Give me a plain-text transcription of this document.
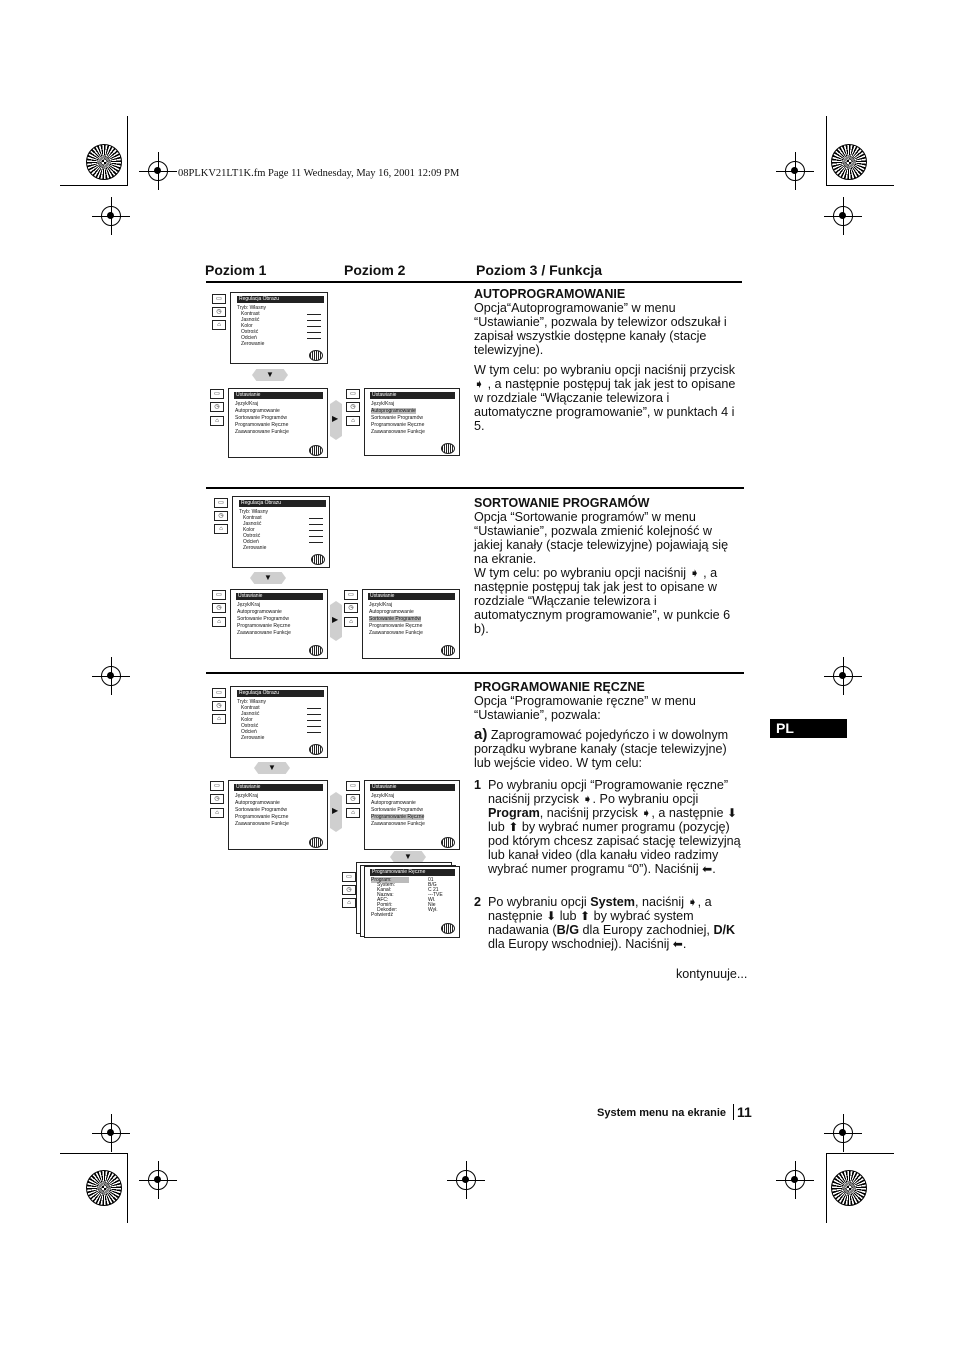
08PLKV21LT1K.fm Page 11 Wednesday, May 16, 2001 12:09 PM
Poziom 1	Poziom 2	Poziom 3 / Funkcja
▭
◷
⌂
Regulacja Obrazu
Tryb: Własny
Kontrast
Jasność
Kolor
Ostrość
Odcień
Zerowanie
▼
▭
◷
⌂
Ustawianie
Język/Kraj
Autoprogramowanie
Sortowanie Programów
Programowanie Ręczne
Zaawansowane Funkcje
▶
▭
◷
⌂
Ustawianie
Język/Kraj
Autoprogramowanie
Sortowanie Programów
Programowanie Ręczne
Zaawansowane Funkcje
AUTOPROGRAMOWANIE
Opcja“Autoprogramowanie” w menu “Ustawianie”, pozwala by telewizor odszukał i zapisał wszystkie dostępne kanały (stacje telewizyjne).
W tym celu: po wybraniu opcji naciśnij przycisk ➧ , a następnie postępuj tak jak jest to opisane w rozdziale “Włączanie telewizora i automatyczne programowanie”, w punktach 4 i 5.
▭
◷
⌂
Regulacja Obrazu
Tryb: Własny
Kontrast
Jasność
Kolor
Ostrość
Odcień
Zerowanie
▼
▭
◷
⌂
Ustawianie
Język/Kraj
Autoprogramowanie
Sortowanie Programów
Programowanie Ręczne
Zaawansowane Funkcje
▶
▭
◷
⌂
Ustawianie
Język/Kraj
Autoprogramowanie
Sortowanie Programów
Programowanie Ręczne
Zaawansowane Funkcje
SORTOWANIE PROGRAMÓW
Opcja “Sortowanie programów” w menu “Ustawianie”, pozwala zmienić kolejność w jakiej kanały (stacje telewizyjne) pojawiają się na ekranie.
W tym celu: po wybraniu opcji naciśnij ➧ , a następnie postępuj tak jak jest to opisane w rozdziale “Włączanie telewizora i automatycznym programowanie”, w punkcie 6 b).
▭
◷
⌂
Regulacja Obrazu
Tryb: Własny
Kontrast
Jasność
Kolor
Ostrość
Odcień
Zerowanie
▼
▭
◷
⌂
Ustawianie
Język/Kraj
Autoprogramowanie
Sortowanie Programów
Programowanie Ręczne
Zaawansowane Funkcje
▶
▭
◷
⌂
Ustawianie
Język/Kraj
Autoprogramowanie
Sortowanie Programów
Programowanie Ręczne
Zaawansowane Funkcje
▼
▭
◷
⌂
Programowanie Ręczne
Program:
System:
Kanał:
Nazwa:
AFC:
Pomiń:
Dekoder:
Potwierdź
01
B/G
C 21
---TVE
Wł.
Nie
Wył.
PROGRAMOWANIE RĘCZNE
Opcja “Programowanie ręczne” w menu “Ustawianie”, pozwala:
a) Zaprogramować pojedyńczo i w dowolnym porządku wybrane kanały (stacje telewizyjne) lub wejście video. W tym celu:
1 Po wybraniu opcji “Programowanie ręczne” naciśnij przycisk ➧. Po wybraniu opcji Program, naciśnij przycisk ➧, a następnie ⬇ lub ⬆ by wybrać numer programu (pozycję) pod którym chcesz zapisać stację telewizyjną lub kanał video (dla kanału video radzimy wybrać numer programu “0”). Naciśnij ⬅.
2 Po wybraniu opcji System, naciśnij ➧, a następnie ⬇ lub ⬆ by wybrać system nadawania (B/G dla Europy zachodniej, D/K dla Europy wschodniej). Naciśnij ⬅.
kontynuuje...
PL
System menu na ekranie 11
